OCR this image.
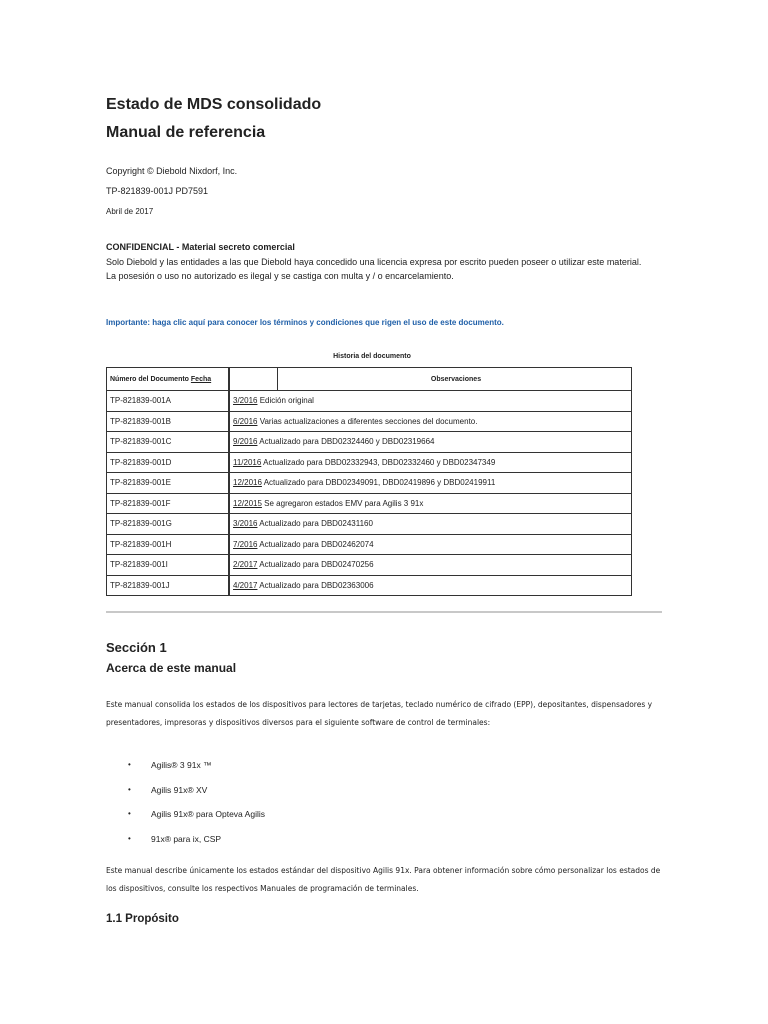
Estado de MDS consolidado
Manual de referencia
Copyright © Diebold Nixdorf, Inc.
TP-821839-001J PD7591
Abril de 2017
CONFIDENCIAL - Material secreto comercial
Solo Diebold y las entidades a las que Diebold haya concedido una licencia expresa por escrito pueden poseer o utilizar este material. La posesión o uso no autorizado es ilegal y se castiga con multa y / o encarcelamiento.
Importante: haga clic aquí para conocer los términos y condiciones que rigen el uso de este documento.
Historia del documento
Número del Documento Fecha			Observaciones
TP-821839-001A		3/2016 Edición original	
TP-821839-001B		6/2016 Varias actualizaciones a diferentes secciones del documento.	
TP-821839-001C		9/2016 Actualizado para DBD02324460 y DBD02319664	
TP-821839-001D		11/2016 Actualizado para DBD02332943, DBD02332460 y DBD02347349	
TP-821839-001E		12/2016 Actualizado para DBD02349091, DBD02419896 y DBD02419911	
TP-821839-001F		12/2015 Se agregaron estados EMV para Agilis 3 91x	
TP-821839-001G		3/2016 Actualizado para DBD02431160	
TP-821839-001H		7/2016 Actualizado para DBD02462074	
TP-821839-001I		2/2017 Actualizado para DBD02470256	
TP-821839-001J		4/2017 Actualizado para DBD02363006	
Sección 1
Acerca de este manual
Este manual consolida los estados de los dispositivos para lectores de tarjetas, teclado numérico de cifrado (EPP), depositantes, dispensadores y presentadores, impresoras y dispositivos diversos para el siguiente software de control de terminales:
• Agilis® 3 91x ™
• Agilis 91x® XV
• Agilis 91x® para Opteva Agilis
• 91x® para ix, CSP
Este manual describe únicamente los estados estándar del dispositivo Agilis 91x. Para obtener información sobre cómo personalizar los estados de los dispositivos, consulte los respectivos Manuales de programación de terminales.
1.1 Propósito
